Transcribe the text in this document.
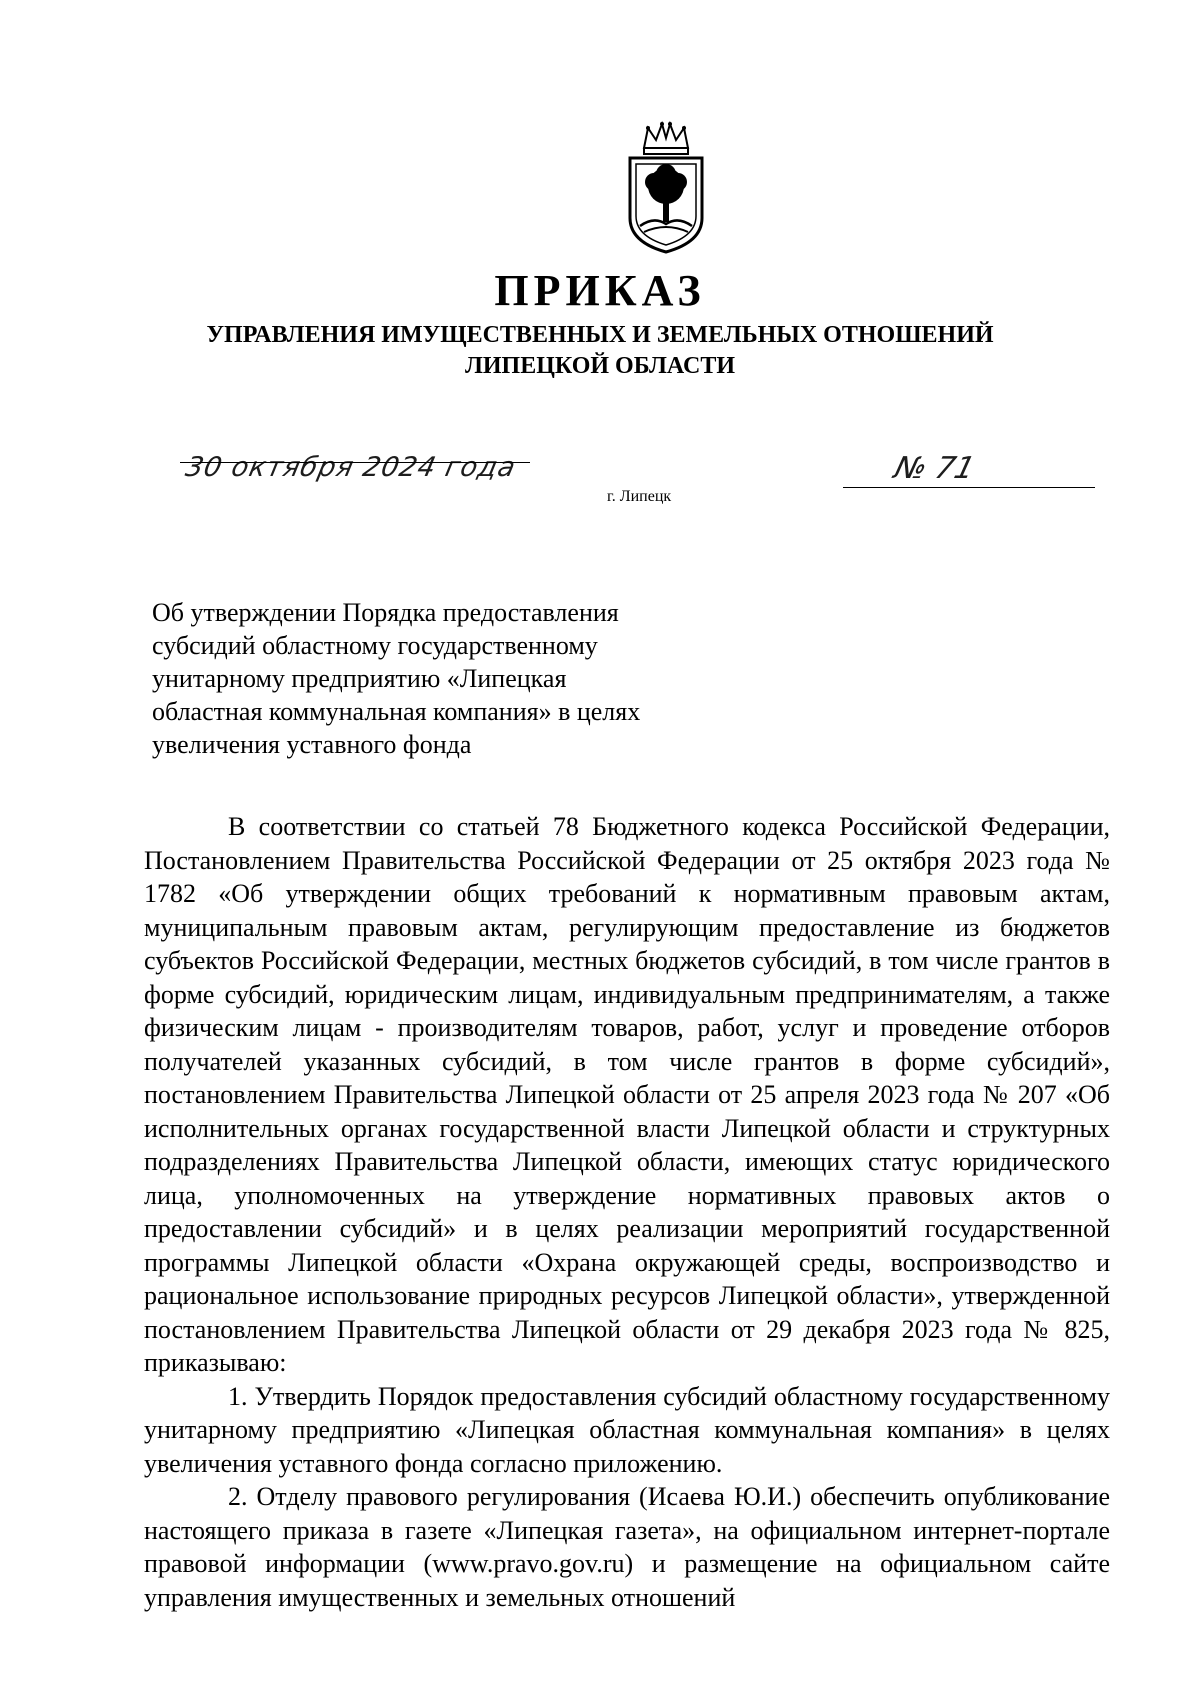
ПРИКАЗ
УПРАВЛЕНИЯ ИМУЩЕСТВЕННЫХ И ЗЕМЕЛЬНЫХ ОТНОШЕНИЙ
ЛИПЕЦКОЙ ОБЛАСТИ
30 октября 2024 года
г. Липецк
№ 71

Об утверждении Порядка предоставления

субсидий областному государственному

унитарному предприятию «Липецкая

областная коммунальная компания» в целях

увеличения уставного фонда

В соответствии со статьей 78 Бюджетного кодекса Российской Федерации, Постановлением Правительства Российской Федерации от 25 октября 2023 года № 1782 «Об утверждении общих требований к нормативным правовым актам, муниципальным правовым актам, регулирующим предоставление из бюджетов субъектов Российской Федерации, местных бюджетов субсидий, в том числе грантов в форме субсидий, юридическим лицам, индивидуальным предпринимателям, а также физическим лицам - производителям товаров, работ, услуг и проведение отборов получателей указанных субсидий, в том числе грантов в форме субсидий», постановлением Правительства Липецкой области от 25 апреля 2023 года № 207 «Об исполнительных органах государственной власти Липецкой области и структурных подразделениях Правительства Липецкой области, имеющих статус юридического лица, уполномоченных на утверждение нормативных правовых актов о предоставлении субсидий» и в целях реализации мероприятий государственной программы Липецкой области «Охрана окружающей среды, воспроизводство и рациональное использование природных ресурсов Липецкой области», утвержденной постановлением Правительства Липецкой области от 29 декабря 2023 года № 825, приказываю:

1. Утвердить Порядок предоставления субсидий областному государственному унитарному предприятию «Липецкая областная коммунальная компания» в целях увеличения уставного фонда согласно приложению.

2. Отделу правового регулирования (Исаева Ю.И.) обеспечить опубликование настоящего приказа в газете «Липецкая газета», на официальном интернет-портале правовой информации (www.pravo.gov.ru) и размещение на официальном сайте управления имущественных и земельных отношений
